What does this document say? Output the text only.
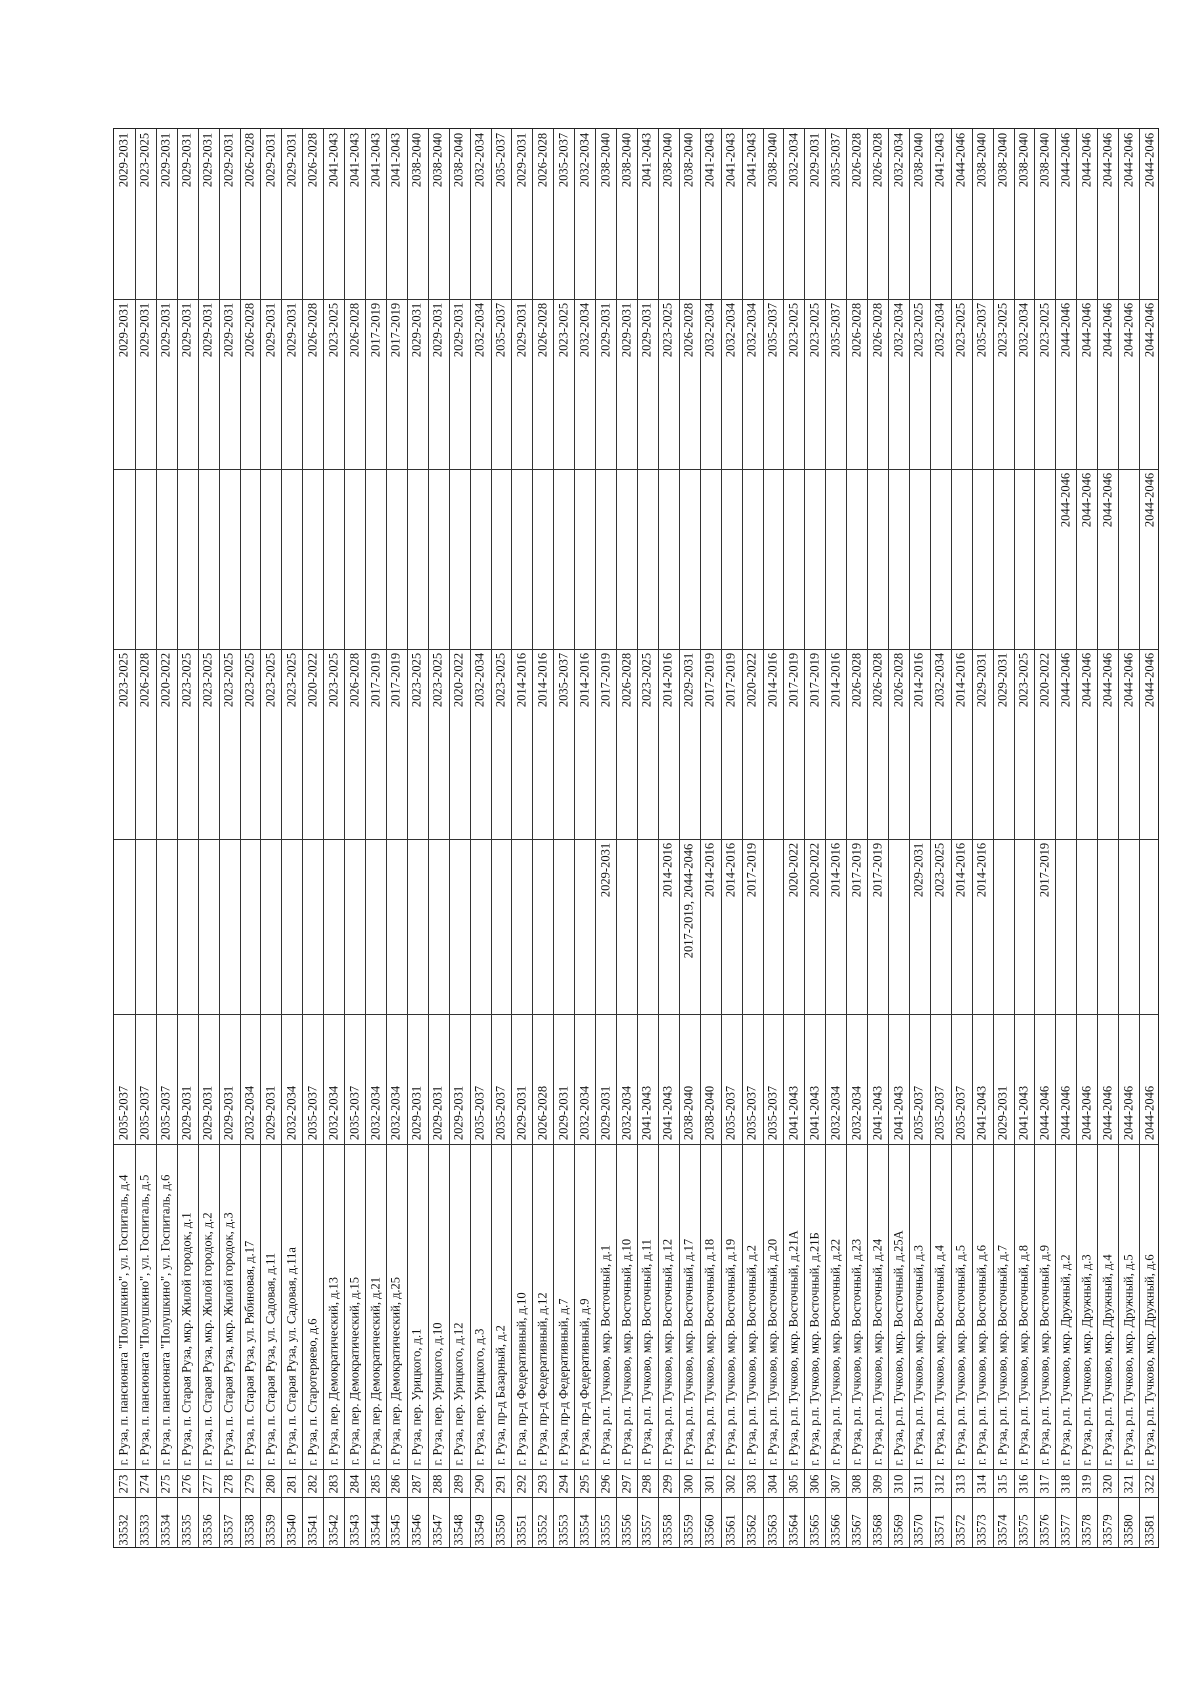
33532
273
г. Руза, п. пансионата "Полушкино", ул. Госпиталь, д.4
2035-2037
2023-2025
2029-2031
2029-2031
33533
274
г. Руза, п. пансионата "Полушкино", ул. Госпиталь, д.5
2035-2037
2026-2028
2029-2031
2023-2025
33534
275
г. Руза, п. пансионата "Полушкино", ул. Госпиталь, д.6
2035-2037
2020-2022
2029-2031
2029-2031
33535
276
г. Руза, п. Старая Руза, мкр. Жилой городок, д.1
2029-2031
2023-2025
2029-2031
2029-2031
33536
277
г. Руза, п. Старая Руза, мкр. Жилой городок, д.2
2029-2031
2023-2025
2029-2031
2029-2031
33537
278
г. Руза, п. Старая Руза, мкр. Жилой городок, д.3
2029-2031
2023-2025
2029-2031
2029-2031
33538
279
г. Руза, п. Старая Руза, ул. Рябиновая, д.17
2032-2034
2023-2025
2026-2028
2026-2028
33539
280
г. Руза, п. Старая Руза, ул. Садовая, д.11
2029-2031
2023-2025
2029-2031
2029-2031
33540
281
г. Руза, п. Старая Руза, ул. Садовая, д.11а
2032-2034
2023-2025
2029-2031
2029-2031
33541
282
г. Руза, п. Старотеряево, д.6
2035-2037
2020-2022
2026-2028
2026-2028
33542
283
г. Руза, пер. Демократический, д.13
2032-2034
2023-2025
2023-2025
2041-2043
33543
284
г. Руза, пер. Демократический, д.15
2035-2037
2026-2028
2026-2028
2041-2043
33544
285
г. Руза, пер. Демократический, д.21
2032-2034
2017-2019
2017-2019
2041-2043
33545
286
г. Руза, пер. Демократический, д.25
2032-2034
2017-2019
2017-2019
2041-2043
33546
287
г. Руза, пер. Урицкого, д.1
2029-2031
2023-2025
2029-2031
2038-2040
33547
288
г. Руза, пер. Урицкого, д.10
2029-2031
2023-2025
2029-2031
2038-2040
33548
289
г. Руза, пер. Урицкого, д.12
2029-2031
2020-2022
2029-2031
2038-2040
33549
290
г. Руза, пер. Урицкого, д.3
2035-2037
2032-2034
2032-2034
2032-2034
33550
291
г. Руза, пр-д Базарный, д.2
2035-2037
2023-2025
2035-2037
2035-2037
33551
292
г. Руза, пр-д Федеративный, д.10
2029-2031
2014-2016
2029-2031
2029-2031
33552
293
г. Руза, пр-д Федеративный, д.12
2026-2028
2014-2016
2026-2028
2026-2028
33553
294
г. Руза, пр-д Федеративный, д.7
2029-2031
2035-2037
2023-2025
2035-2037
33554
295
г. Руза, пр-д Федеративный, д.9
2032-2034
2014-2016
2032-2034
2032-2034
33555
296
г. Руза, р.п. Тучково, мкр. Восточный, д.1
2029-2031
2029-2031
2017-2019
2029-2031
2038-2040
33556
297
г. Руза, р.п. Тучково, мкр. Восточный, д.10
2032-2034
2026-2028
2029-2031
2038-2040
33557
298
г. Руза, р.п. Тучково, мкр. Восточный, д.11
2041-2043
2023-2025
2029-2031
2041-2043
33558
299
г. Руза, р.п. Тучково, мкр. Восточный, д.12
2041-2043
2014-2016
2014-2016
2023-2025
2038-2040
33559
300
г. Руза, р.п. Тучково, мкр. Восточный, д.17
2038-2040
2017-2019, 2044-2046
2029-2031
2026-2028
2038-2040
33560
301
г. Руза, р.п. Тучково, мкр. Восточный, д.18
2038-2040
2014-2016
2017-2019
2032-2034
2041-2043
33561
302
г. Руза, р.п. Тучково, мкр. Восточный, д.19
2035-2037
2014-2016
2017-2019
2032-2034
2041-2043
33562
303
г. Руза, р.п. Тучково, мкр. Восточный, д.2
2035-2037
2017-2019
2020-2022
2032-2034
2041-2043
33563
304
г. Руза, р.п. Тучково, мкр. Восточный, д.20
2035-2037
2014-2016
2035-2037
2038-2040
33564
305
г. Руза, р.п. Тучково, мкр. Восточный, д.21А
2041-2043
2020-2022
2017-2019
2023-2025
2032-2034
33565
306
г. Руза, р.п. Тучково, мкр. Восточный, д.21Б
2041-2043
2020-2022
2017-2019
2023-2025
2029-2031
33566
307
г. Руза, р.п. Тучково, мкр. Восточный, д.22
2032-2034
2014-2016
2014-2016
2035-2037
2035-2037
33567
308
г. Руза, р.п. Тучково, мкр. Восточный, д.23
2032-2034
2017-2019
2026-2028
2026-2028
2026-2028
33568
309
г. Руза, р.п. Тучково, мкр. Восточный, д.24
2041-2043
2017-2019
2026-2028
2026-2028
2026-2028
33569
310
г. Руза, р.п. Тучково, мкр. Восточный, д.25А
2041-2043
2026-2028
2032-2034
2032-2034
33570
311
г. Руза, р.п. Тучково, мкр. Восточный, д.3
2035-2037
2029-2031
2014-2016
2023-2025
2038-2040
33571
312
г. Руза, р.п. Тучково, мкр. Восточный, д.4
2035-2037
2023-2025
2032-2034
2032-2034
2041-2043
33572
313
г. Руза, р.п. Тучково, мкр. Восточный, д.5
2035-2037
2014-2016
2014-2016
2023-2025
2044-2046
33573
314
г. Руза, р.п. Тучково, мкр. Восточный, д.6
2041-2043
2014-2016
2029-2031
2035-2037
2038-2040
33574
315
г. Руза, р.п. Тучково, мкр. Восточный, д.7
2029-2031
2029-2031
2023-2025
2038-2040
33575
316
г. Руза, р.п. Тучково, мкр. Восточный, д.8
2041-2043
2023-2025
2032-2034
2038-2040
33576
317
г. Руза, р.п. Тучково, мкр. Восточный, д.9
2044-2046
2017-2019
2020-2022
2023-2025
2038-2040
33577
318
г. Руза, р.п. Тучково, мкр. Дружный, д.2
2044-2046
2044-2046
2044-2046
2044-2046
2044-2046
33578
319
г. Руза, р.п. Тучково, мкр. Дружный, д.3
2044-2046
2044-2046
2044-2046
2044-2046
2044-2046
33579
320
г. Руза, р.п. Тучково, мкр. Дружный, д.4
2044-2046
2044-2046
2044-2046
2044-2046
2044-2046
33580
321
г. Руза, р.п. Тучково, мкр. Дружный, д.5
2044-2046
2044-2046
2044-2046
2044-2046
33581
322
г. Руза, р.п. Тучково, мкр. Дружный, д.6
2044-2046
2044-2046
2044-2046
2044-2046
2044-2046
